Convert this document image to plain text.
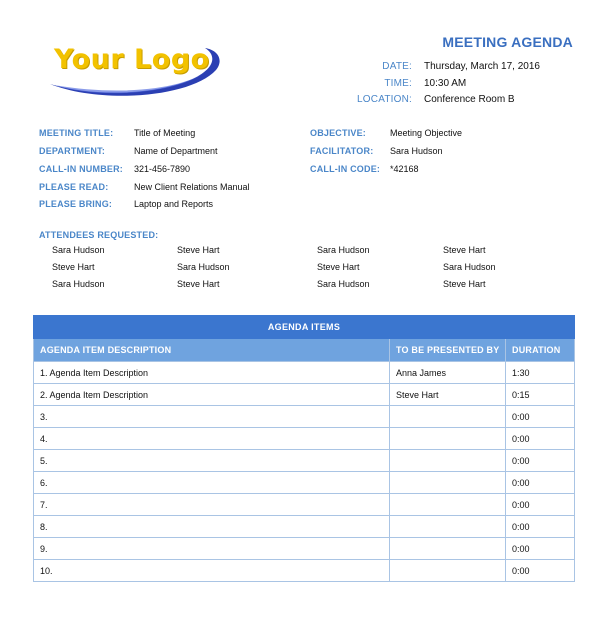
Your Logo
MEETING AGENDA
DATE: Thursday, March 17, 2016
TIME: 10:30 AM
LOCATION: Conference Room B
MEETING TITLE: Title of Meeting
DEPARTMENT:	Name of Department
CALL-IN NUMBER: 321-456-7890
PLEASE READ:	New Client Relations Manual
PLEASE BRING: Laptop and Reports
OBJECTIVE:	Meeting Objective
FACILITATOR: Sara Hudson
CALL-IN CODE: *42168
ATTENDEES REQUESTED:
Sara Hudson	Steve Hart	Sara Hudson	Steve Hart
Steve Hart	Sara Hudson	Steve Hart	Sara Hudson
Sara Hudson	Steve Hart	Sara Hudson	Steve Hart
AGENDA ITEMS		
AGENDA ITEM DESCRIPTION	TO BE PRESENTED BY	DURATION
1. Agenda Item Description	Anna James	1:30
2. Agenda Item Description	Steve Hart	0:15
3.		0:00
4.		0:00
5.		0:00
6.		0:00
7.		0:00
8.		0:00
9.		0:00
10.		0:00
